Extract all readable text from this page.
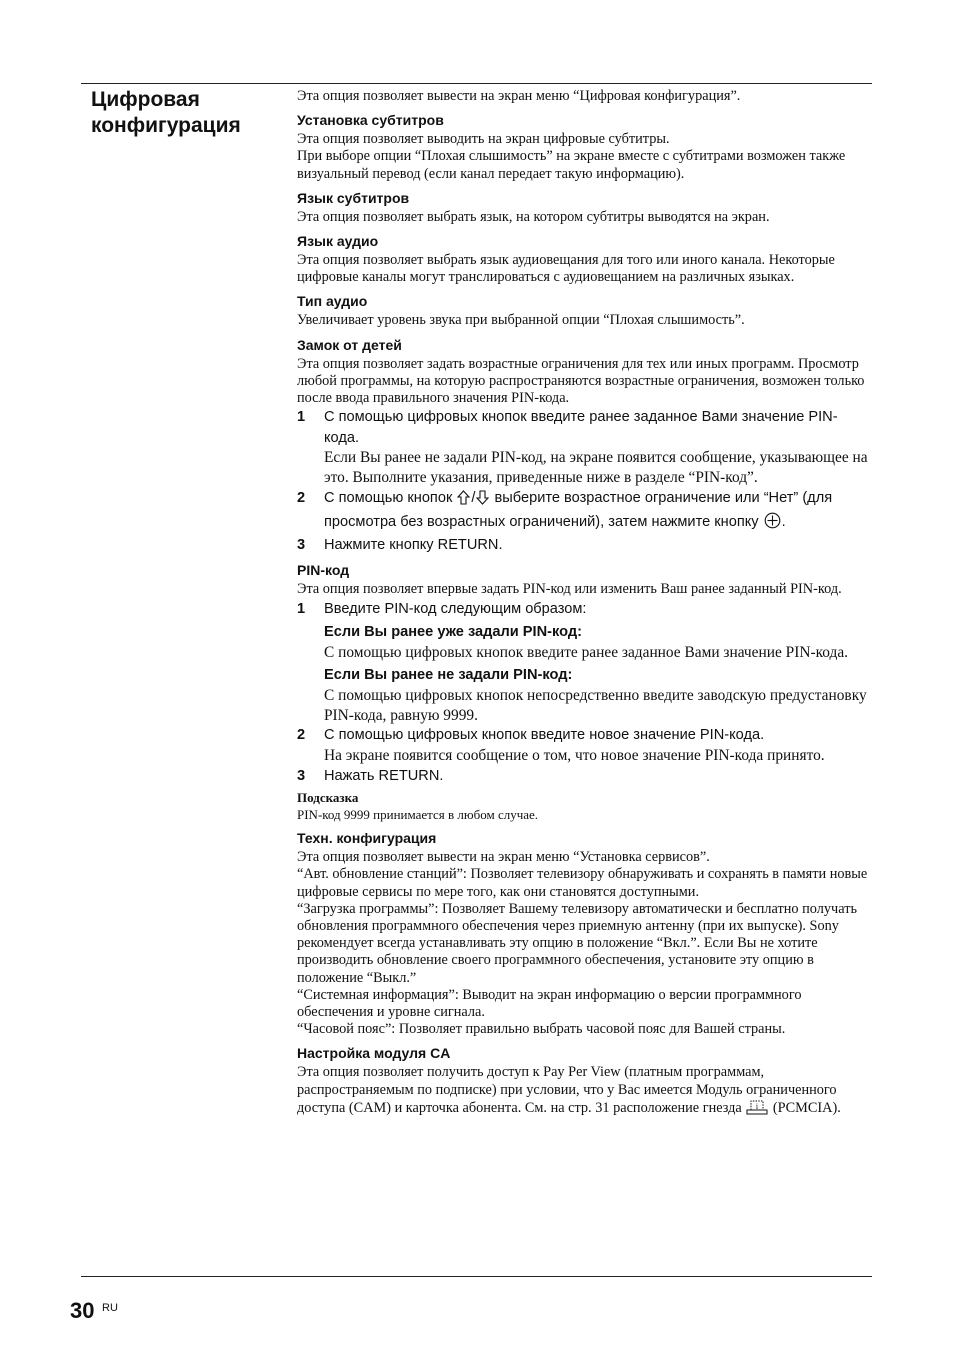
Цифровая
конфигурация

Эта опция позволяет вывести на экран меню “Цифровая конфигурация”.

Установка субтитров

Эта опция позволяет выводить на экран цифровые субтитры.

При выборе опции “Плохая слышимость” на экране вместе с субтитрами возможен также визуальный перевод (если канал передает такую информацию).

Язык субтитров

Эта опция позволяет выбрать язык, на котором субтитры выводятся на экран.

Язык аудио

Эта опция позволяет выбрать язык аудиовещания для того или иного канала. Некоторые цифровые каналы могут транслироваться с аудиовещанием на различных языках.

Тип аудио

Увеличивает уровень звука при выбранной опции “Плохая слышимость”.

Замок от детей

Эта опция позволяет задать возрастные ограничения для тех или иных программ. Просмотр любой программы, на которую распространяются возрастные ограничения, возможен только после ввода правильного значения PIN-кода.

1 С помощью цифровых кнопок введите ранее заданное Вами значение PIN-кода.

Если Вы ранее не задали PIN-код, на экране появится сообщение, указывающее на это. Выполните указания, приведенные ниже в разделе “PIN-код”.

2 С помощью кнопок / выберите возрастное ограничение или “Нет” (для просмотра без возрастных ограничений), затем нажмите кнопку .

3 Нажмите кнопку RETURN.

PIN-код

Эта опция позволяет впервые задать PIN-код или изменить Ваш ранее заданный PIN-код.

1 Введите PIN-код следующим образом:

Если Вы ранее уже задали PIN-код:

С помощью цифровых кнопок введите ранее заданное Вами значение PIN-кода.

Если Вы ранее не задали PIN-код:

С помощью цифровых кнопок непосредственно введите заводскую предустановку PIN-кода, равную 9999.

2 С помощью цифровых кнопок введите новое значение PIN-кода.

На экране появится сообщение о том, что новое значение PIN-кода принято.

3 Нажать RETURN.

Подсказка

PIN-код 9999 принимается в любом случае.

Техн. конфигурация

Эта опция позволяет вывести на экран меню “Установка сервисов”.

“Авт. обновление станций”: Позволяет телевизору обнаруживать и сохранять в памяти новые цифровые сервисы по мере того, как они становятся доступными.

“Загрузка программы”: Позволяет Вашему телевизору автоматически и бесплатно получать обновления программного обеспечения через приемную антенну (при их выпуске). Sony рекомендует всегда устанавливать эту опцию в положение “Вкл.”. Если Вы не хотите производить обновление своего программного обеспечения, установите эту опцию в положение “Выкл.”

“Системная информация”: Выводит на экран информацию о версии программного обеспечения и уровне сигнала.

“Часовой пояс”: Позволяет правильно выбрать часовой пояс для Вашей страны.

Настройка модуля CA

Эта опция позволяет получить доступ к Pay Per View (платным программам, распространяемым по подписке) при условии, что у Вас имеется Модуль ограниченного доступа (CAM) и карточка абонента. См. на стр. 31 расположение гнезда i (PCMCIA).

30 RU
